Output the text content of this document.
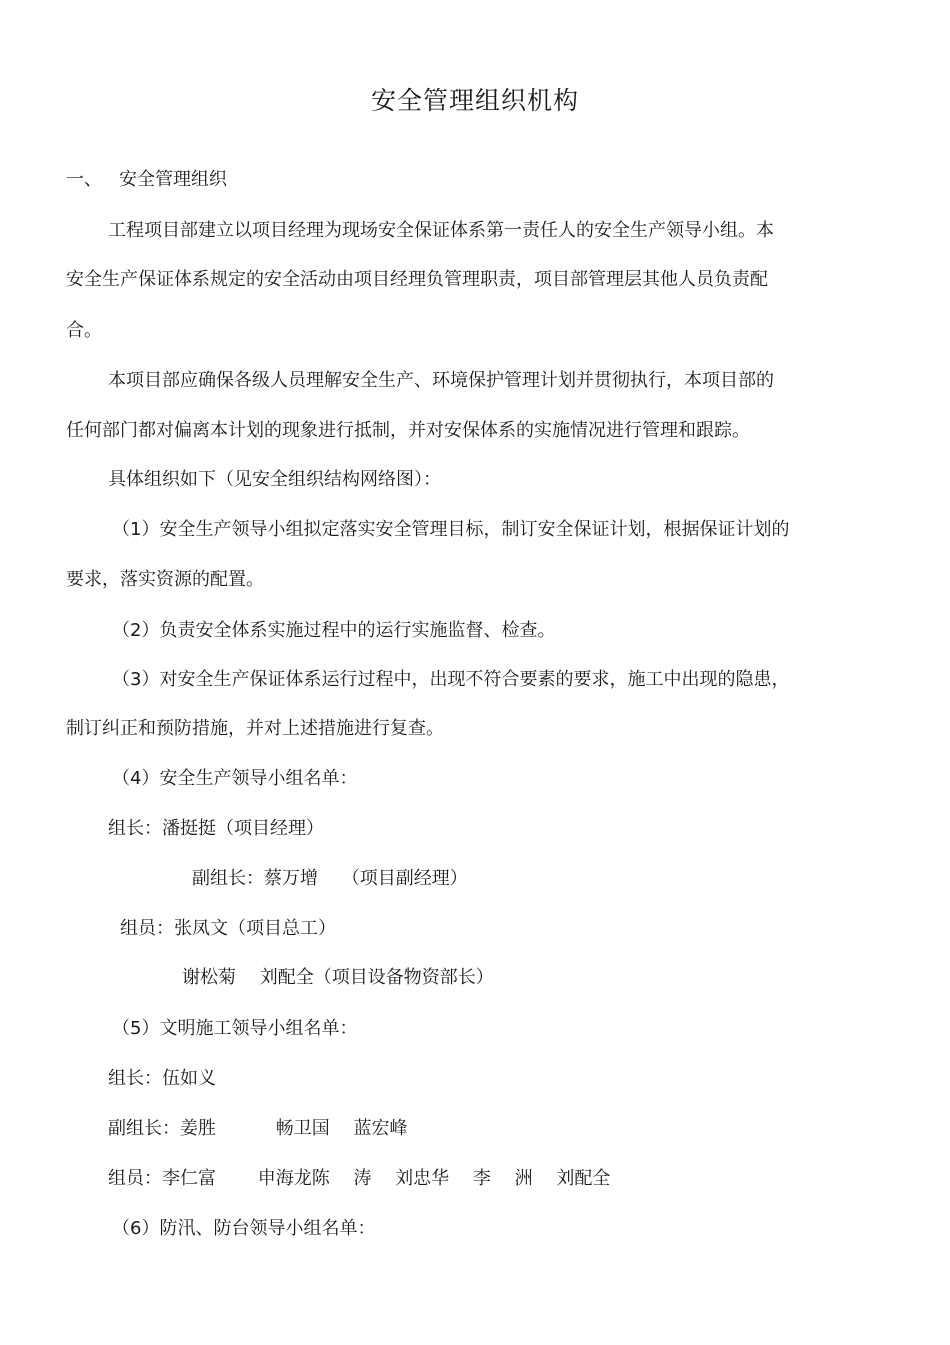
安全管理组织机构
一、 安全管理组织
工程项目部建立以项目经理为现场安全保证体系第一责任人的安全生产领导小组。本
安全生产保证体系规定的安全活动由项目经理负管理职责，项目部管理层其他人员负责配
合。
本项目部应确保各级人员理解安全生产、环境保护管理计划并贯彻执行，本项目部的
任何部门都对偏离本计划的现象进行抵制，并对安保体系的实施情况进行管理和跟踪。
具体组织如下（见安全组织结构网络图）：
（1）安全生产领导小组拟定落实安全管理目标，制订安全保证计划，根据保证计划的
要求，落实资源的配置。
（2）负责安全体系实施过程中的运行实施监督、检查。
（3）对安全生产保证体系运行过程中，出现不符合要素的要求，施工中出现的隐患，
制订纠正和预防措施，并对上述措施进行复查。
（4）安全生产领导小组名单：
组长：潘挺挺（项目经理）
副组长：蔡万增　 （项目副经理）
组员：张凤文（项目总工）
谢松菊　 刘配全（项目设备物资部长）
（5）文明施工领导小组名单：
组长：伍如义
副组长：姜胜　　　 畅卫国　 蓝宏峰
组员：李仁富　　 申海龙陈　 涛　 刘忠华　 李　 洲　 刘配全
（6）防汛、防台领导小组名单：
